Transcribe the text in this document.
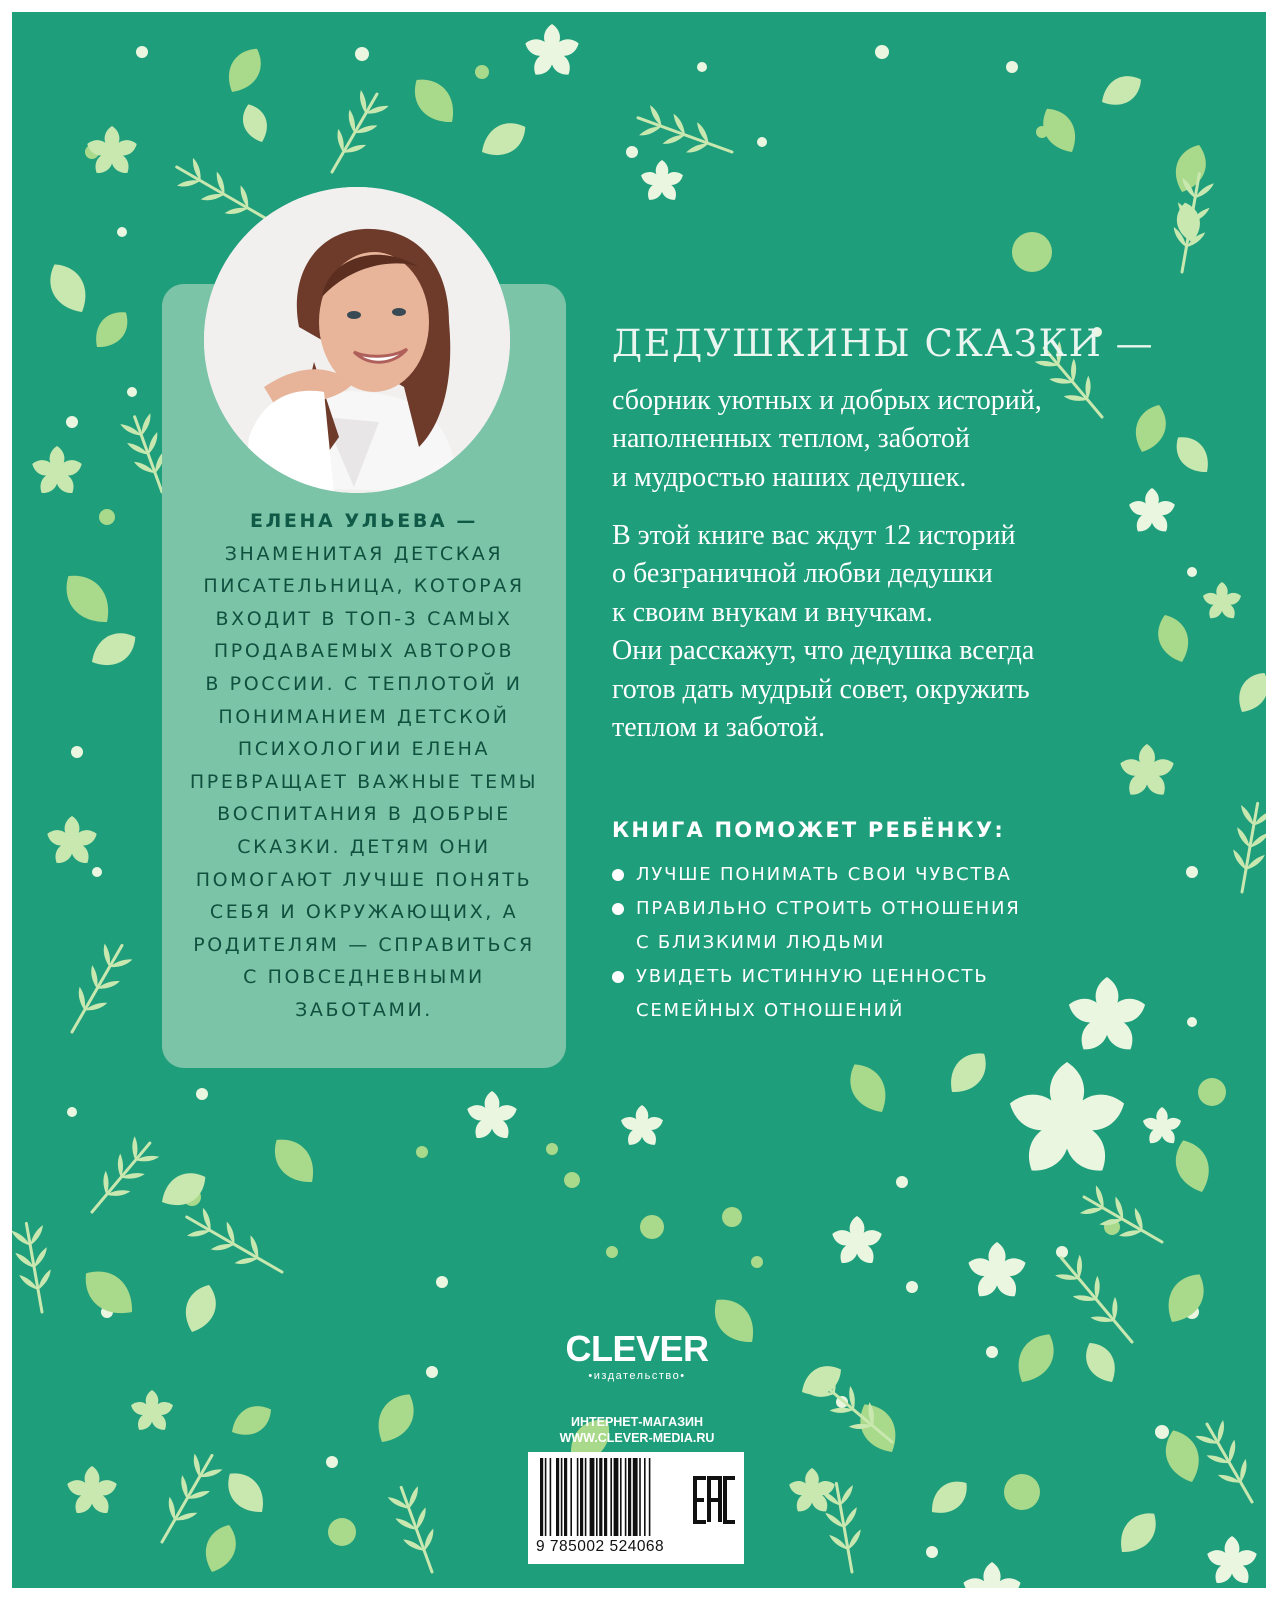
ЕЛЕНА УЛЬЕВА —
ЗНАМЕНИТАЯ ДЕТСКАЯ
ПИСАТЕЛЬНИЦА, КОТОРАЯ
ВХОДИТ В ТОП-3 САМЫХ
ПРОДАВАЕМЫХ АВТОРОВ
В РОССИИ. С ТЕПЛОТОЙ И
ПОНИМАНИЕМ ДЕТСКОЙ
ПСИХОЛОГИИ ЕЛЕНА
ПРЕВРАЩАЕТ ВАЖНЫЕ ТЕМЫ
ВОСПИТАНИЯ В ДОБРЫЕ
СКАЗКИ. ДЕТЯМ ОНИ
ПОМОГАЮТ ЛУЧШЕ ПОНЯТЬ
СЕБЯ И ОКРУЖАЮЩИХ, А
РОДИТЕЛЯМ — СПРАВИТЬСЯ
С ПОВСЕДНЕВНЫМИ
ЗАБОТАМИ.

ДЕДУШКИНЫ СКАЗКИ —

сборник уютных и добрых историй,
наполненных теплом, заботой
и мудростью наших дедушек.

В этой книге вас ждут 12 историй
о безграничной любви дедушки
к своим внукам и внучкам.
Они расскажут, что дедушка всегда
готов дать мудрый совет, окружить
теплом и заботой.

КНИГА ПОМОЖЕТ РЕБЁНКУ:
ЛУЧШЕ ПОНИМАТЬ СВОИ ЧУВСТВА
ПРАВИЛЬНО СТРОИТЬ ОТНОШЕНИЯ
С БЛИЗКИМИ ЛЮДЬМИ
УВИДЕТЬ ИСТИННУЮ ЦЕННОСТЬ
СЕМЕЙНЫХ ОТНОШЕНИЙ
CLEVER
•издательство•
ИНТЕРНЕТ-МАГАЗИН
WWW.CLEVER-MEDIA.RU
9 785002 524068
